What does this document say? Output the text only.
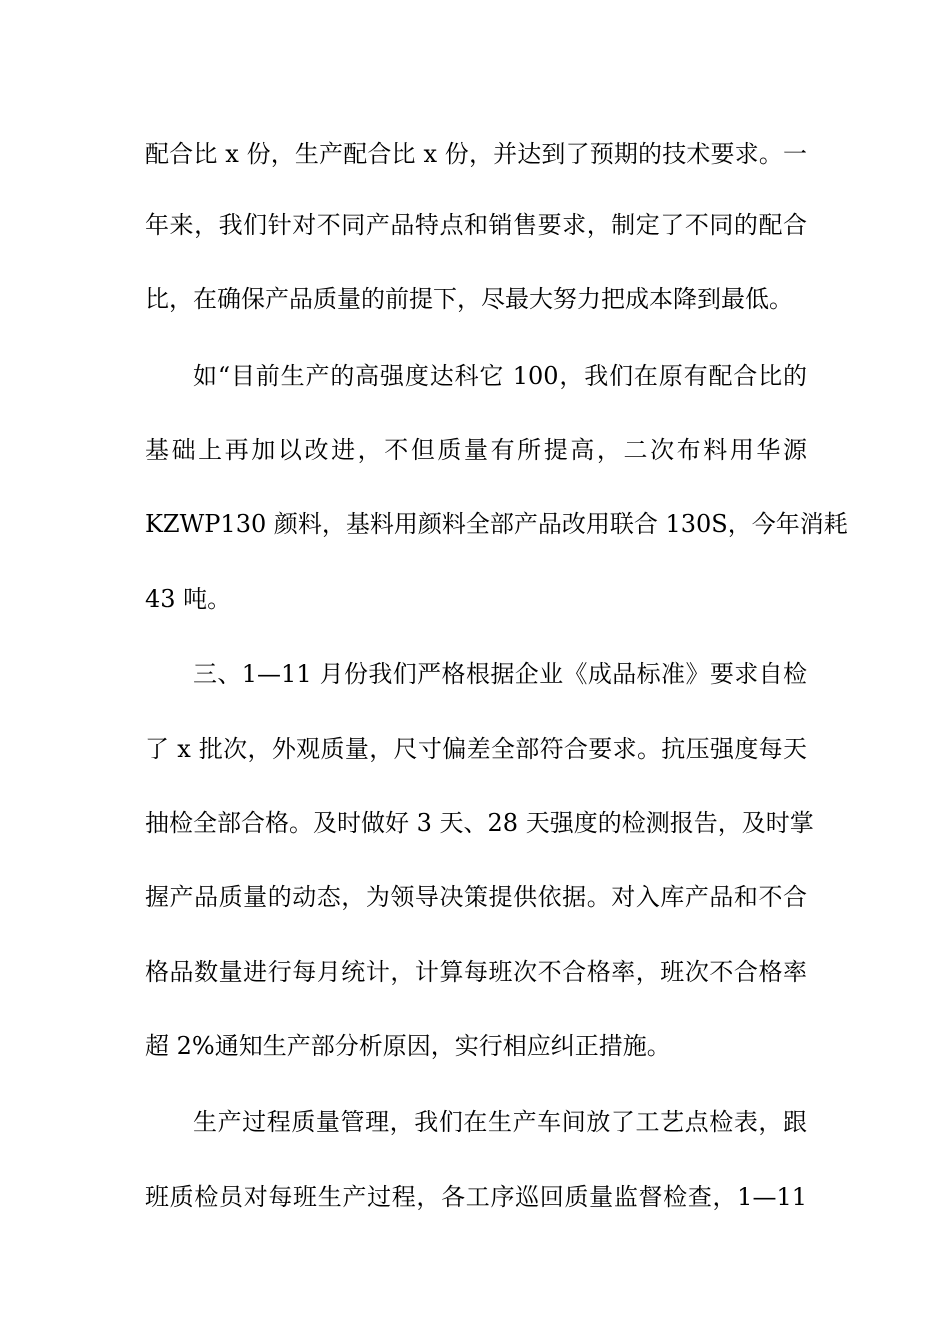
配合比 x 份，生产配合比 x 份，并达到了预期的技术要求。一
年来，我们针对不同产品特点和销售要求，制定了不同的配合
比，在确保产品质量的前提下，尽最大努力把成本降到最低。
如“目前生产的高强度达科它 100，我们在原有配合比的
基础上再加以改进，不但质量有所提高，二次布料用华源
KZWP130 颜料，基料用颜料全部产品改用联合 130S，今年消耗
43 吨。
三、1—11 月份我们严格根据企业《成品标准》要求自检
了 x 批次，外观质量，尺寸偏差全部符合要求。抗压强度每天
抽检全部合格。及时做好 3 天、28 天强度的检测报告，及时掌
握产品质量的动态，为领导决策提供依据。对入库产品和不合
格品数量进行每月统计，计算每班次不合格率，班次不合格率
超 2%通知生产部分析原因，实行相应纠正措施。
生产过程质量管理，我们在生产车间放了工艺点检表，跟
班质检员对每班生产过程，各工序巡回质量监督检查，1—11
